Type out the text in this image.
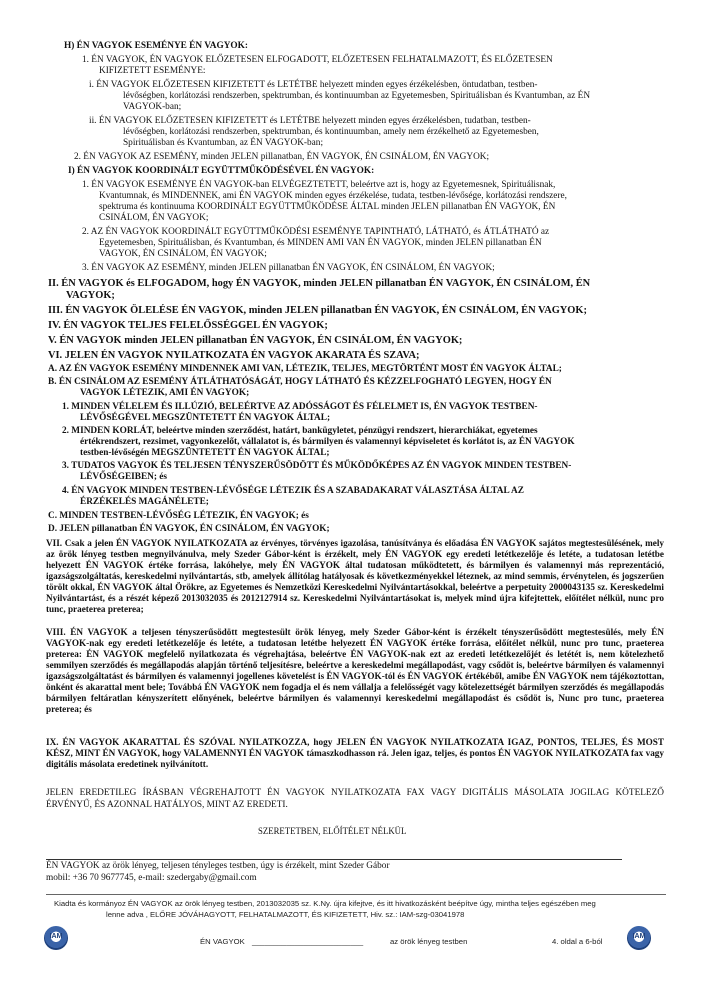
H) ÉN VAGYOK ESEMÉNYE ÉN VAGYOK:
1. ÉN VAGYOK, ÉN VAGYOK ELŐZETESEN ELFOGADOTT, ELŐZETESEN FELHATALMAZOTT, ÉS ELŐZETESEN
KIFIZETETT ESEMÉNYE:
i. ÉN VAGYOK ELŐZETESEN KIFIZETETT és LETÉTBE helyezett minden egyes érzékelésben, öntudatban, testben-
lévőségben, korlátozási rendszerben, spektrumban, és kontinuumban az Egyetemesben, Spirituálisban és Kvantumban, az ÉN
VAGYOK-ban;
ii. ÉN VAGYOK ELŐZETESEN KIFIZETETT és LETÉTBE helyezett minden egyes érzékelésben, tudatban, testben-
lévőségben, korlátozási rendszerben, spektrumban, és kontinuumban, amely nem érzékelhető az Egyetemesben,
Spirituálisban és Kvantumban, az ÉN VAGYOK-ban;
2. ÉN VAGYOK AZ ESEMÉNY, minden JELEN pillanatban, ÉN VAGYOK, ÉN CSINÁLOM, ÉN VAGYOK;
I) ÉN VAGYOK KOORDINÁLT EGYÜTTMŰKÖDÉSÉVEL ÉN VAGYOK:
1. ÉN VAGYOK ESEMÉNYE ÉN VAGYOK-ban ELVÉGEZTETETT, beleértve azt is, hogy az Egyetemesnek, Spirituálisnak,
Kvantumnak, és MINDENNEK, ami ÉN VAGYOK minden egyes érzékelése, tudata, testben-lévősége, korlátozási rendszere,
spektruma és kontinuuma KOORDINÁLT EGYÜTTMŰKÖDÉSE ÁLTAL minden JELEN pillanatban ÉN VAGYOK, ÉN
CSINÁLOM, ÉN VAGYOK;
2. AZ ÉN VAGYOK KOORDINÁLT EGYÜTTMŰKÖDÉSI ESEMÉNYE TAPINTHATÓ, LÁTHATÓ, és ÁTLÁTHATÓ az
Egyetemesben, Spirituálisban, és Kvantumban, és MINDEN AMI VAN ÉN VAGYOK, minden JELEN pillanatban ÉN
VAGYOK, ÉN CSINÁLOM, ÉN VAGYOK;
3. ÉN VAGYOK AZ ESEMÉNY, minden JELEN pillanatban ÉN VAGYOK, ÉN CSINÁLOM, ÉN VAGYOK;
II. ÉN VAGYOK és ELFOGADOM, hogy ÉN VAGYOK, minden JELEN pillanatban ÉN VAGYOK, ÉN CSINÁLOM, ÉN
VAGYOK;
III. ÉN VAGYOK ÖLELÉSE ÉN VAGYOK, minden JELEN pillanatban ÉN VAGYOK, ÉN CSINÁLOM, ÉN VAGYOK;
IV. ÉN VAGYOK TELJES FELELŐSSÉGGEL ÉN VAGYOK;
V. ÉN VAGYOK minden JELEN pillanatban ÉN VAGYOK, ÉN CSINÁLOM, ÉN VAGYOK;
VI. JELEN ÉN VAGYOK NYILATKOZATA ÉN VAGYOK AKARATA ÉS SZAVA;
A. AZ ÉN VAGYOK ESEMÉNY MINDENNEK AMI VAN, LÉTEZIK, TELJES, MEGTÖRTÉNT MOST ÉN VAGYOK ÁLTAL;
B. ÉN CSINÁLOM AZ ESEMÉNY ÁTLÁTHATÓSÁGÁT, HOGY LÁTHATÓ ÉS KÉZZELFOGHATÓ LEGYEN, HOGY ÉN
VAGYOK LÉTEZIK, AMI ÉN VAGYOK;
1. MINDEN VÉLELEM ÉS ILLÚZIÓ, BELEÉRTVE AZ ADÓSSÁGOT ÉS FÉLELMET IS, ÉN VAGYOK TESTBEN-
LÉVŐSÉGÉVEL MEGSZÜNTETETT ÉN VAGYOK ÁLTAL;
2. MINDEN KORLÁT, beleértve minden szerződést, határt, bankügyletet, pénzügyi rendszert, hierarchiákat, egyetemes
értékrendszert, rezsimet, vagyonkezelőt, vállalatot is, és bármilyen és valamennyi képviseletet és korlátot is, az ÉN VAGYOK
testben-lévőségén MEGSZÜNTETETT ÉN VAGYOK ÁLTAL;
3. TUDATOS VAGYOK ÉS TELJESEN TÉNYSZERŰSÖDÖTT ÉS MŰKÖDŐKÉPES AZ ÉN VAGYOK MINDEN TESTBEN-
LÉVŐSÉGEIBEN; és
4. ÉN VAGYOK MINDEN TESTBEN-LÉVŐSÉGE LÉTEZIK ÉS A SZABADAKARAT VÁLASZTÁSA ÁLTAL AZ
ÉRZÉKELÉS MAGÁNÉLETE;
C. MINDEN TESTBEN-LÉVŐSÉG LÉTEZIK, ÉN VAGYOK; és
D. JELEN pillanatban ÉN VAGYOK, ÉN CSINÁLOM, ÉN VAGYOK;
VII. Csak a jelen ÉN VAGYOK NYILATKOZATA az érvényes, törvényes igazolása, tanúsítványa és előadása ÉN VAGYOK sajátos megtestesülésének, mely az örök lényeg testben megnyilvánulva, mely Szeder Gábor-ként is érzékelt, mely ÉN VAGYOK egy eredeti letétkezelője és letéte, a tudatosan letétbe helyezett ÉN VAGYOK értéke forrása, lakóhelye, mely ÉN VAGYOK által tudatosan működtetett, és bármilyen és valamennyi más reprezentáció, igazságszolgáltatás, kereskedelmi nyilvántartás, stb, amelyek állítólag hatályosak és következményekkel léteznek, az mind semmis, érvénytelen, és jogszerűen törölt okkal, ÉN VAGYOK által Örökre, az Egyetemes és Nemzetközi Kereskedelmi Nyilvántartásokkal, beleértve a perpetuity 2000043135 sz. Kereskedelmi Nyilvántartást, és a részét képező 2013032035 és 2012127914 sz. Kereskedelmi Nyilvántartásokat is, melyek mind újra kifejtettek, előítélet nélkül, nunc pro tunc, praeterea preterea;
VIII. ÉN VAGYOK a teljesen tényszerűsödött megtestesült örök lényeg, mely Szeder Gábor-ként is érzékelt tényszerűsödött megtestesülés, mely ÉN VAGYOK-nak egy eredeti letétkezelője és letéte, a tudatosan letétbe helyezett ÉN VAGYOK értéke forrása, előítélet nélkül, nunc pro tunc, praeterea preterea: ÉN VAGYOK megfelelő nyilatkozata és végrehajtása, beleértve ÉN VAGYOK-nak ezt az eredeti letétkezelőjét és letétét is, nem kötelezhető semmilyen szerződés és megállapodás alapján történő teljesítésre, beleértve a kereskedelmi megállapodást, vagy csődöt is, beleértve bármilyen és valamennyi igazságszolgáltatást és bármilyen és valamennyi jogellenes követelést is ÉN VAGYOK-tól és ÉN VAGYOK értékéből, amibe ÉN VAGYOK nem tájékoztottan, önként és akarattal ment bele; Továbbá ÉN VAGYOK nem fogadja el és nem vállalja a felelősségét vagy kötelezettségét bármilyen szerződés és megállapodás bármilyen feltáratlan kényszerített előnyének, beleértve bármilyen és valamennyi kereskedelmi megállapodást és csődöt is, Nunc pro tunc, praeterea preterea; és
IX. ÉN VAGYOK AKARATTAL ÉS SZÓVAL NYILATKOZZA, hogy JELEN ÉN VAGYOK NYILATKOZATA IGAZ, PONTOS, TELJES, ÉS MOST KÉSZ, MINT ÉN VAGYOK, hogy VALAMENNYI ÉN VAGYOK támaszkodhasson rá. Jelen igaz, teljes, és pontos ÉN VAGYOK NYILATKOZATA fax vagy digitális másolata eredetinek nyilvánított.
JELEN EREDETILEG ÍRÁSBAN VÉGREHAJTOTT ÉN VAGYOK NYILATKOZATA FAX VAGY DIGITÁLIS MÁSOLATA JOGILAG KÖTELEZŐ ÉRVÉNYŰ, ÉS AZONNAL HATÁLYOS, MINT AZ EREDETI.
SZERETETBEN, ELŐÍTÉLET NÉLKÜL
ÉN VAGYOK az örök lényeg, teljesen tényleges testben, úgy is érzékelt, mint Szeder Gábor
mobil: +36 70 9677745, e-mail: szedergaby@gmail.com
Kiadta és kormányoz ÉN VAGYOK az örök lényeg testben, 2013032035 sz. K.Ny. újra kifejtve, és itt hivatkozásként beépítve úgy, mintha teljes egészében meg
lenne adva , ELŐRE JÓVÁHAGYOTT, FELHATALMAZOTT, ÉS KIFIZETETT, Hiv. sz.: IAM-szg-03041978
IAM	IAM
ÉN VAGYOK __________________________	az örök lényeg testben	4. oldal a 6-ból
